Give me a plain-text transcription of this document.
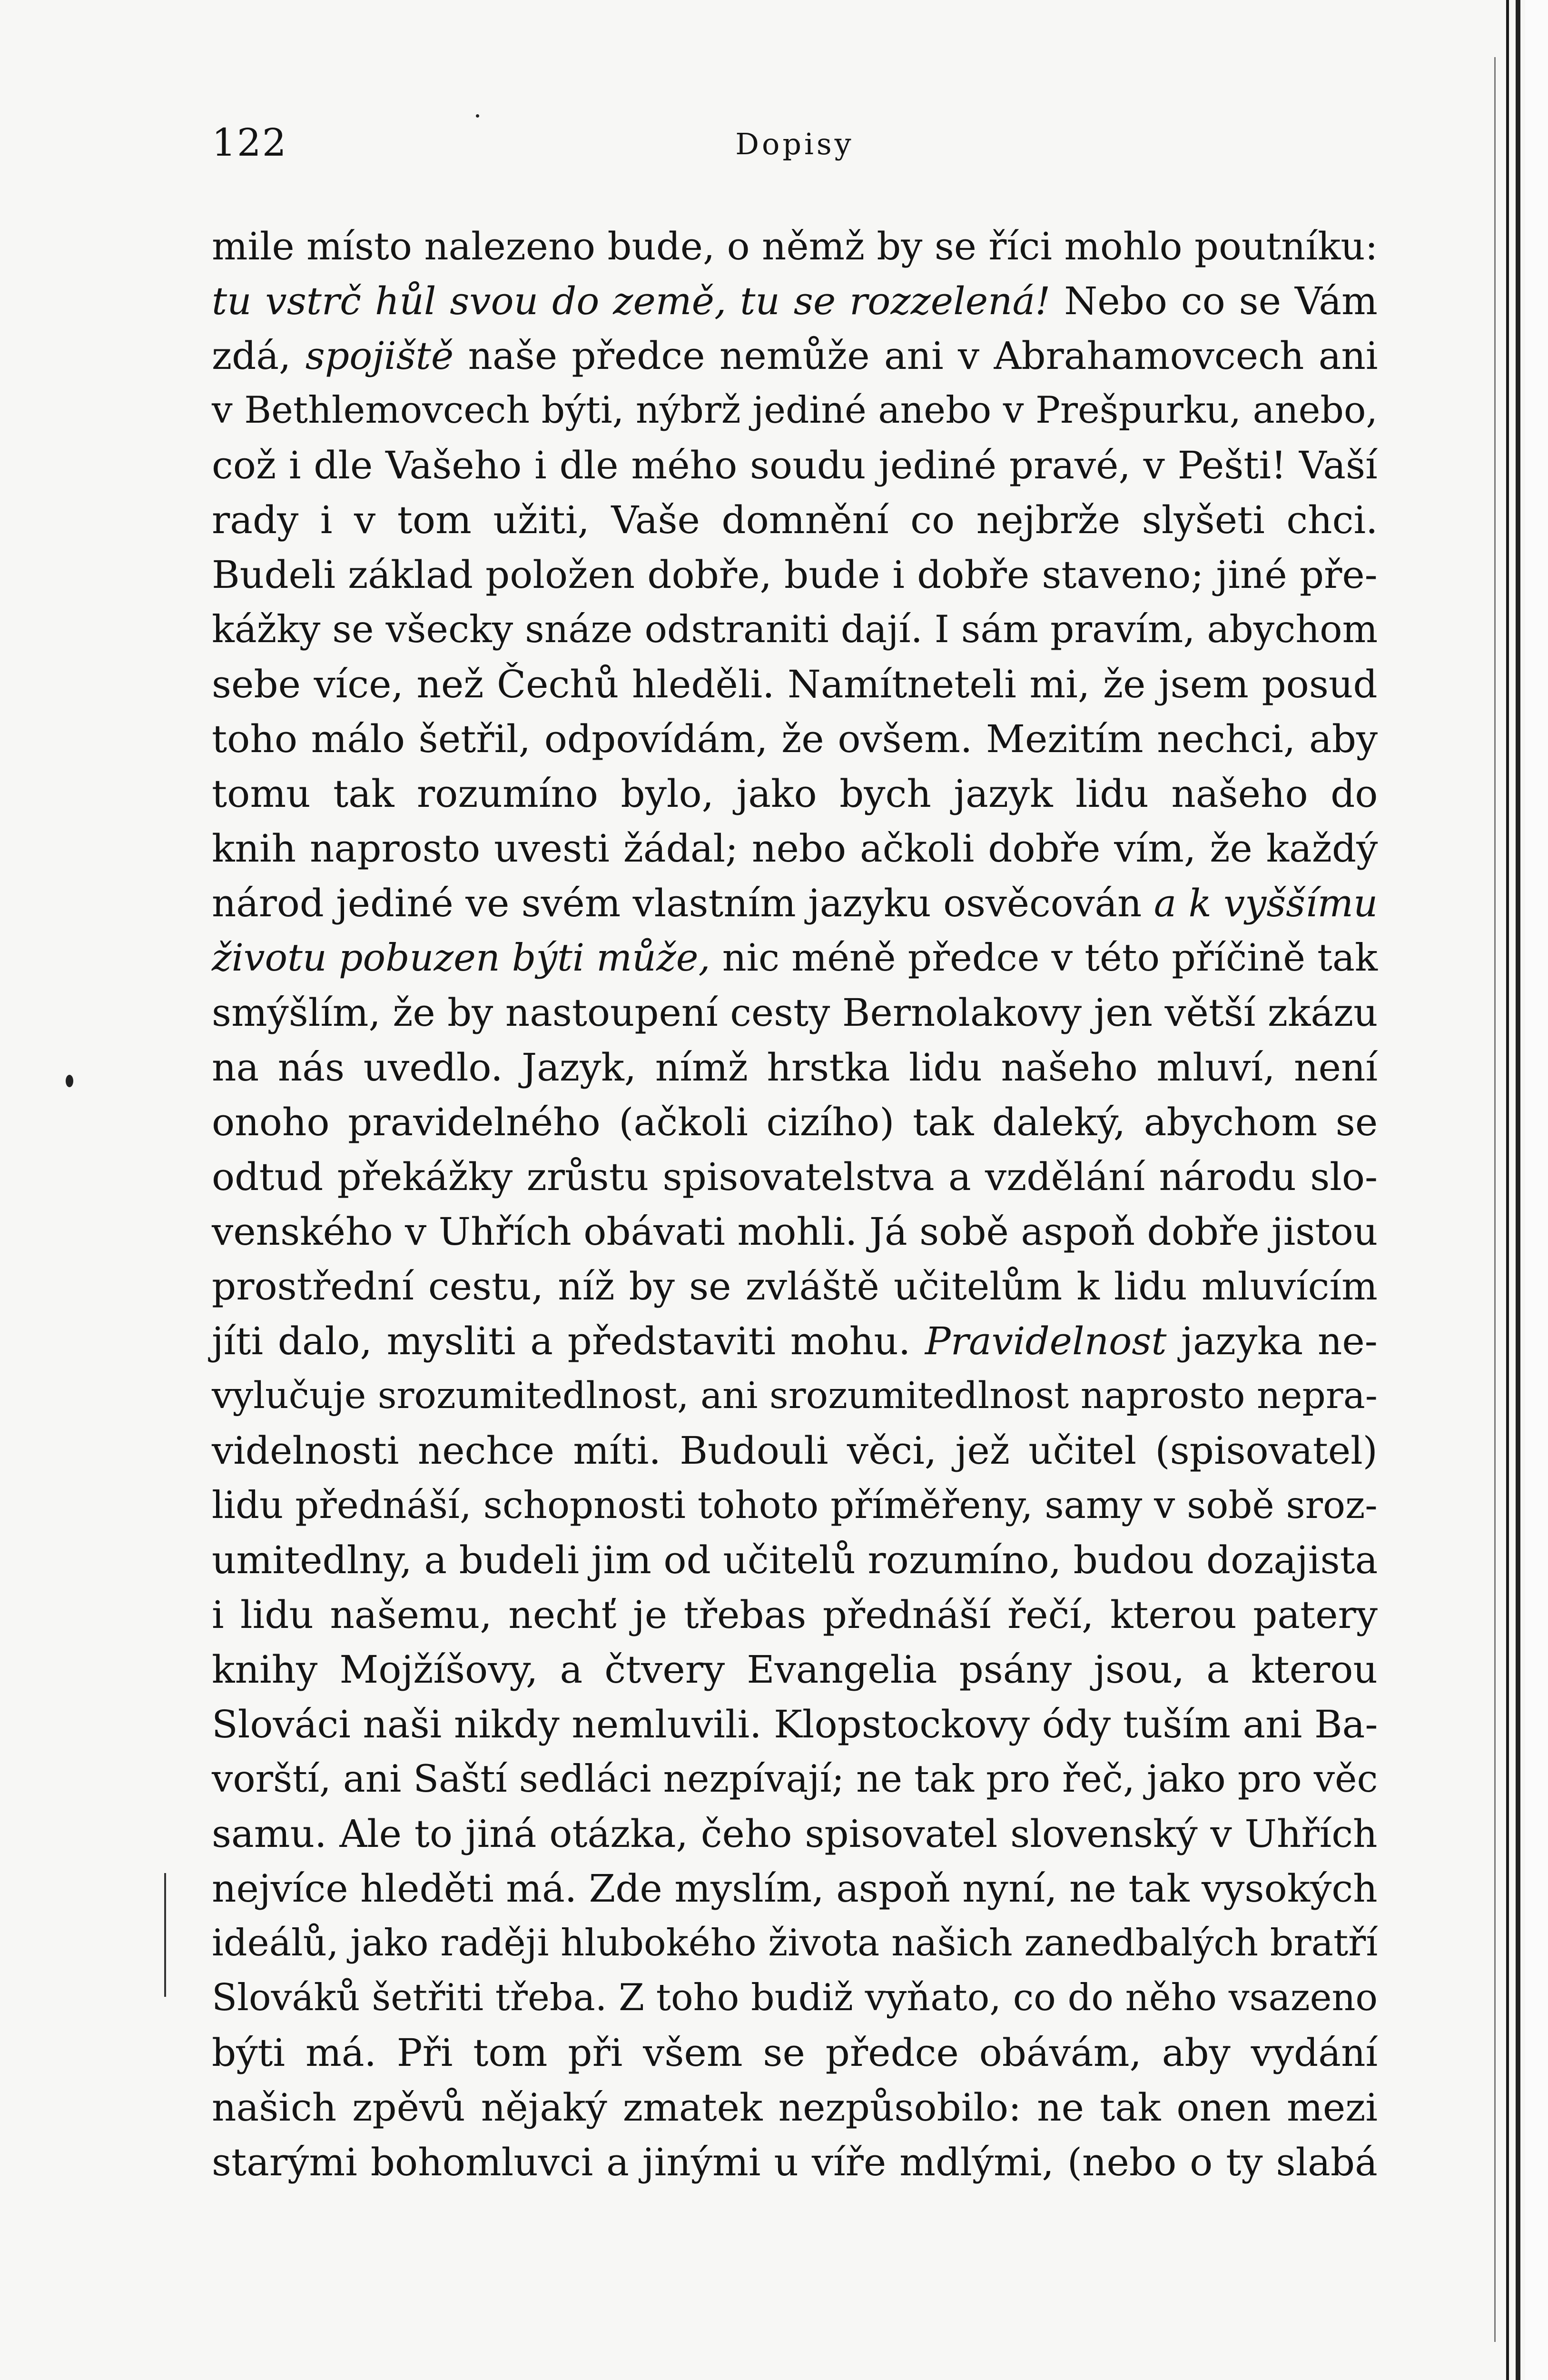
122	Dopisy
mile místo nalezeno bude, o němž by se říci mohlo poutníku:
tu vstrč hůl svou do země, tu se rozzelená! Nebo co se Vám
zdá, spojiště naše předce nemůže ani v Abrahamovcech ani
v Bethlemovcech býti, nýbrž jediné anebo v Prešpurku, anebo,
což i dle Vašeho i dle mého soudu jediné pravé, v Pešti! Vaší
rady i v tom užiti, Vaše domnění co nejbrže slyšeti chci.
Budeli základ položen dobře, bude i dobře staveno; jiné pře-
kážky se všecky snáze odstraniti dají. I sám pravím, abychom
sebe více, než Čechů hleděli. Namítneteli mi, že jsem posud
toho málo šetřil, odpovídám, že ovšem. Mezitím nechci, aby
tomu tak rozumíno bylo, jako bych jazyk lidu našeho do
knih naprosto uvesti žádal; nebo ačkoli dobře vím, že každý
národ jediné ve svém vlastním jazyku osvěcován a k vyššímu
životu pobuzen býti může, nic méně předce v této příčině tak
smýšlím, že by nastoupení cesty Bernolakovy jen větší zkázu
na nás uvedlo. Jazyk, nímž hrstka lidu našeho mluví, není
onoho pravidelného (ačkoli cizího) tak daleký, abychom se
odtud překážky zrůstu spisovatelstva a vzdělání národu slo-
venského v Uhřích obávati mohli. Já sobě aspoň dobře jistou
prostřední cestu, níž by se zvláště učitelům k lidu mluvícím
jíti dalo, mysliti a představiti mohu. Pravidelnost jazyka ne-
vylučuje srozumitedlnost, ani srozumitedlnost naprosto nepra-
videlnosti nechce míti. Budouli věci, jež učitel (spisovatel)
lidu přednáší, schopnosti tohoto příměřeny, samy v sobě sroz-
umitedlny, a budeli jim od učitelů rozumíno, budou dozajista
i lidu našemu, nechť je třebas přednáší řečí, kterou patery
knihy Mojžíšovy, a čtvery Evangelia psány jsou, a kterou
Slováci naši nikdy nemluvili. Klopstockovy ódy tuším ani Ba-
vorští, ani Saští sedláci nezpívají; ne tak pro řeč, jako pro věc
samu. Ale to jiná otázka, čeho spisovatel slovenský v Uhřích
nejvíce hleděti má. Zde myslím, aspoň nyní, ne tak vysokých
ideálů, jako raději hlubokého života našich zanedbalých bratří
Slováků šetřiti třeba. Z toho budiž vyňato, co do něho vsazeno
býti má. Při tom při všem se předce obávám, aby vydání
našich zpěvů nějaký zmatek nezpůsobilo: ne tak onen mezi
starými bohomluvci a jinými u víře mdlými, (nebo o ty slabá
